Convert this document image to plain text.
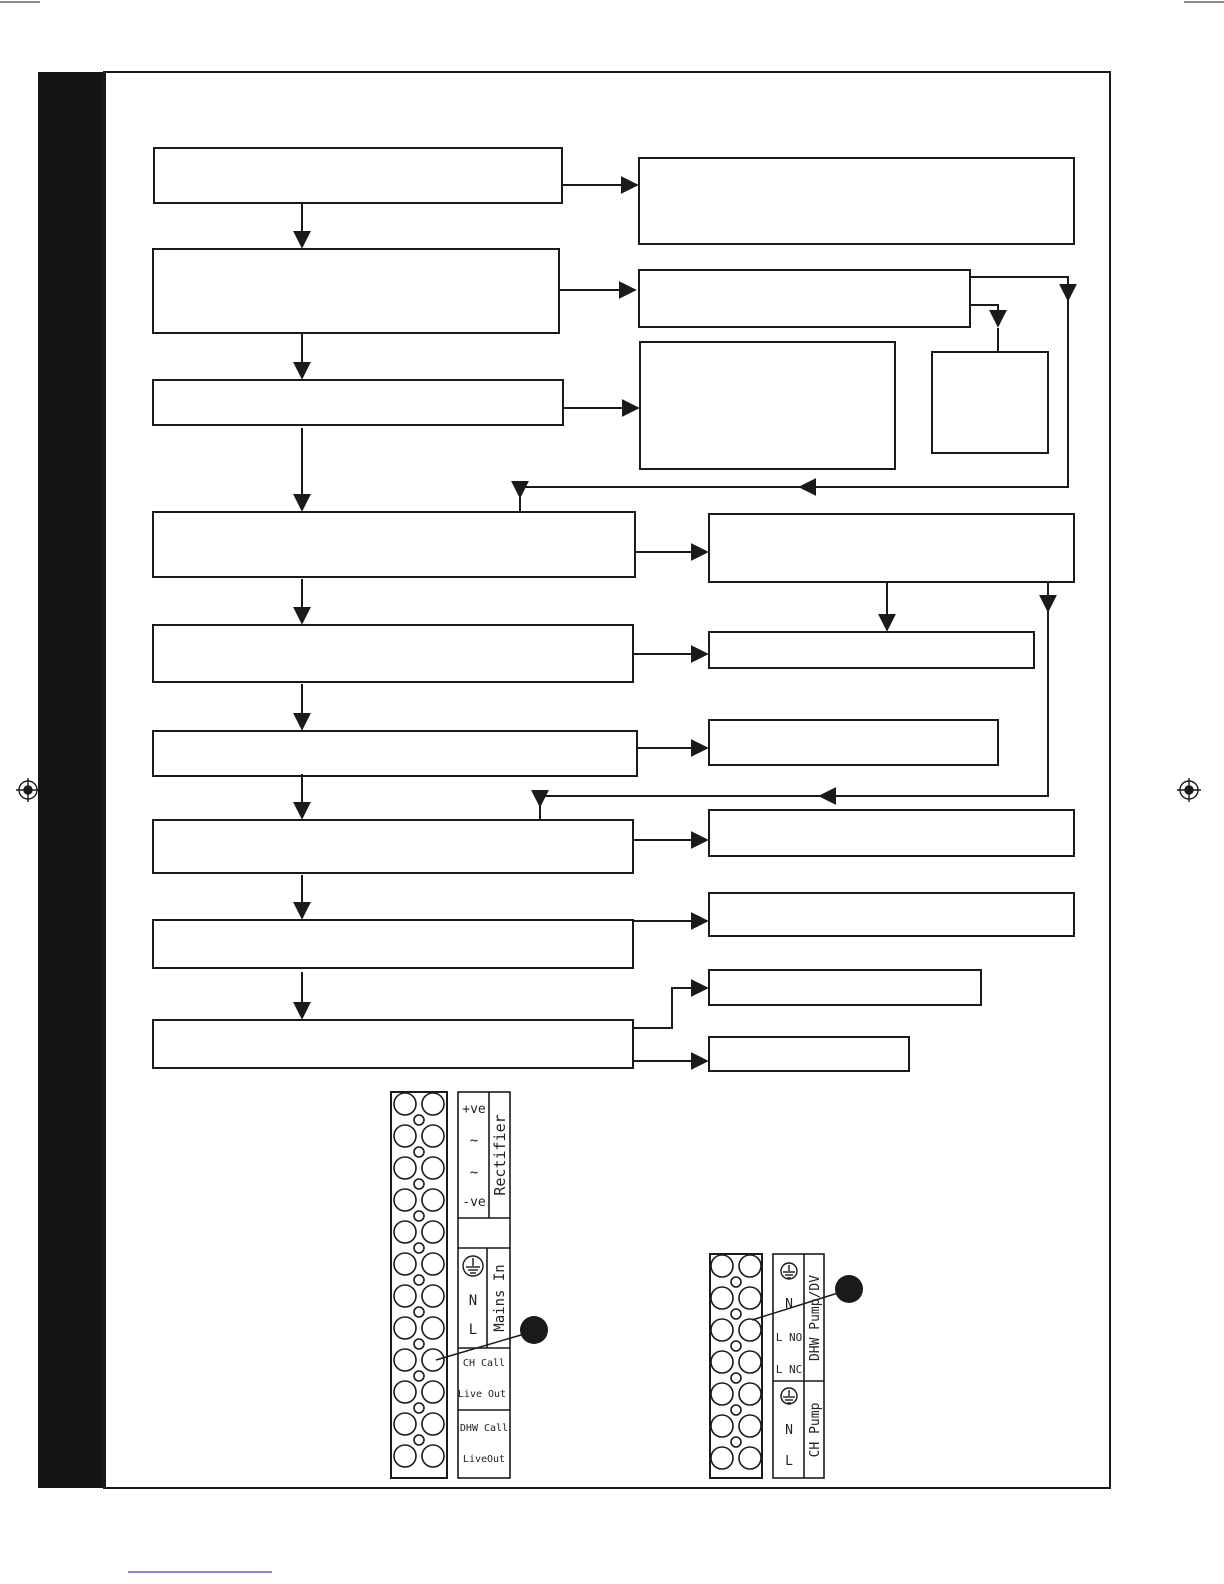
+ve
~
~
-ve
Rectifier
N
L Mains In
CH Call
Live Out
DHW Call
LiveOut
N
L NO
L NC
DHW Pump/DV
N
L
CH Pump
